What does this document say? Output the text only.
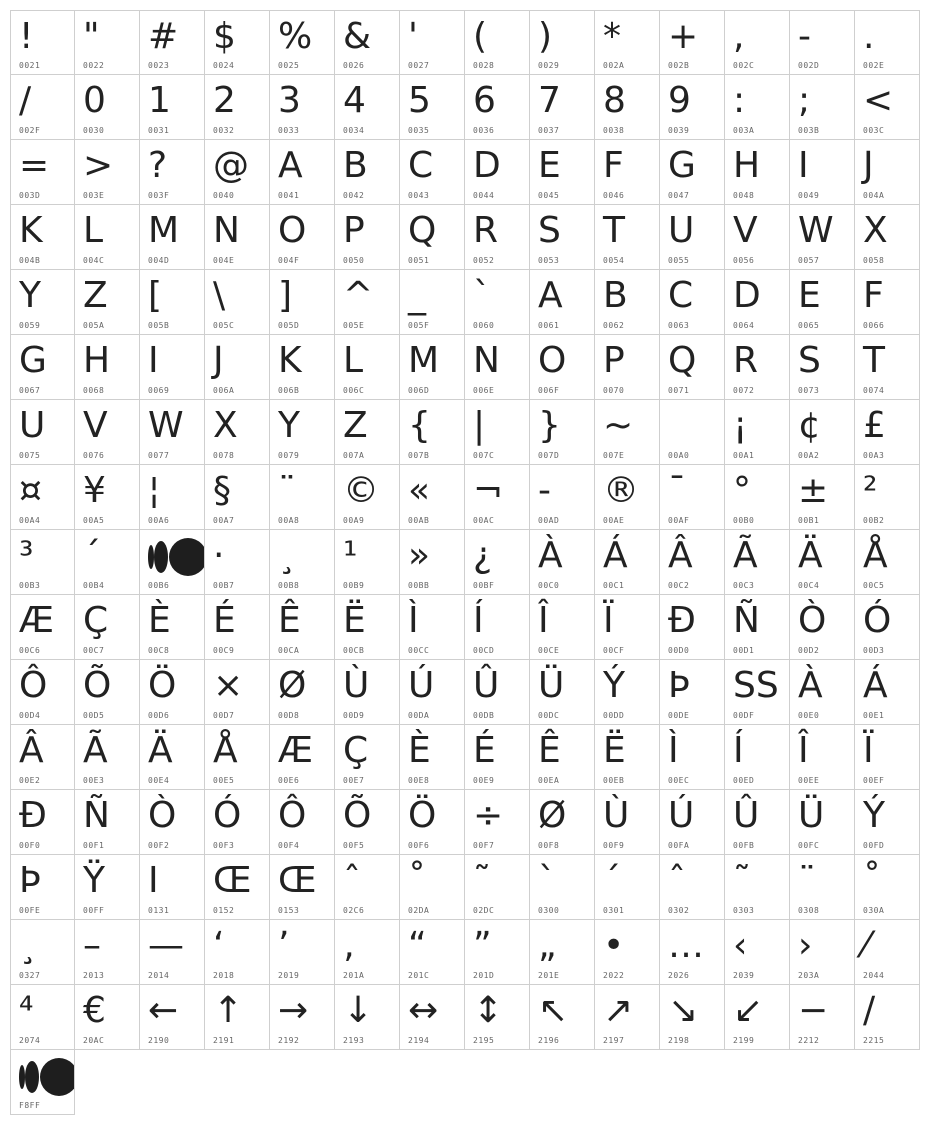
!
0021
"
0022
#
0023
$
0024
%
0025
&
0026
'
0027
(
0028
)
0029
*
002A
+
002B
,
002C
-
002D
.
002E
/
002F
0
0030
1
0031
2
0032
3
0033
4
0034
5
0035
6
0036
7
0037
8
0038
9
0039
:
003A
;
003B
<
003C
=
003D
>
003E
?
003F
@
0040
A
0041
B
0042
C
0043
D
0044
E
0045
F
0046
G
0047
H
0048
I
0049
J
004A
K
004B
L
004C
M
004D
N
004E
O
004F
P
0050
Q
0051
R
0052
S
0053
T
0054
U
0055
V
0056
W
0057
X
0058
Y
0059
Z
005A
[
005B
\
005C
]
005D
^
005E
_
005F
`
0060
A
0061
B
0062
C
0063
D
0064
E
0065
F
0066
G
0067
H
0068
I
0069
J
006A
K
006B
L
006C
M
006D
N
006E
O
006F
P
0070
Q
0071
R
0072
S
0073
T
0074
U
0075
V
0076
W
0077
X
0078
Y
0079
Z
007A
{
007B
|
007C
}
007D
~
007E	00A0
¡
00A1
¢
00A2
£
00A3
¤
00A4
¥
00A5
¦
00A6
§
00A7
¨
00A8
©
00A9
«
00AB
¬
00AC
-
00AD
®
00AE
¯
00AF
°
00B0
±
00B1
²
00B2
³
00B3
´
00B4	00B6
·
00B7
¸
00B8
¹
00B9
»
00BB
¿
00BF
À
00C0
Á
00C1
Â
00C2
Ã
00C3
Ä
00C4
Å
00C5
Æ
00C6
Ç
00C7
È
00C8
É
00C9
Ê
00CA
Ë
00CB
Ì
00CC
Í
00CD
Î
00CE
Ï
00CF
Đ
00D0
Ñ
00D1
Ò
00D2
Ó
00D3
Ô
00D4
Õ
00D5
Ö
00D6
×
00D7
Ø
00D8
Ù
00D9
Ú
00DA
Û
00DB
Ü
00DC
Ý
00DD
Þ
00DE
SS
00DF
À
00E0
Á
00E1
Â
00E2
Ã
00E3
Ä
00E4
Å
00E5
Æ
00E6
Ç
00E7
È
00E8
É
00E9
Ê
00EA
Ë
00EB
Ì
00EC
Í
00ED
Î
00EE
Ï
00EF
Đ
00F0
Ñ
00F1
Ò
00F2
Ó
00F3
Ô
00F4
Õ
00F5
Ö
00F6
÷
00F7
Ø
00F8
Ù
00F9
Ú
00FA
Û
00FB
Ü
00FC
Ý
00FD
Þ
00FE
Ÿ
00FF
I
0131
Œ
0152
Œ
0153
ˆ
02C6
˚
02DA
˜
02DC
`
0300
´
0301
ˆ
0302
˜
0303
¨
0308
˚
030A
¸
0327
–
2013
—
2014
‘
2018
’
2019
‚
201A
“
201C
”
201D
„
201E
•
2022
…
2026
‹
2039
›
203A
⁄
2044
⁴
2074
€
20AC
←
2190
↑
2191
→
2192
↓
2193
↔
2194
↕
2195
↖
2196
↗
2197
↘
2198
↙
2199
−
2212
∕
2215
F8FF
